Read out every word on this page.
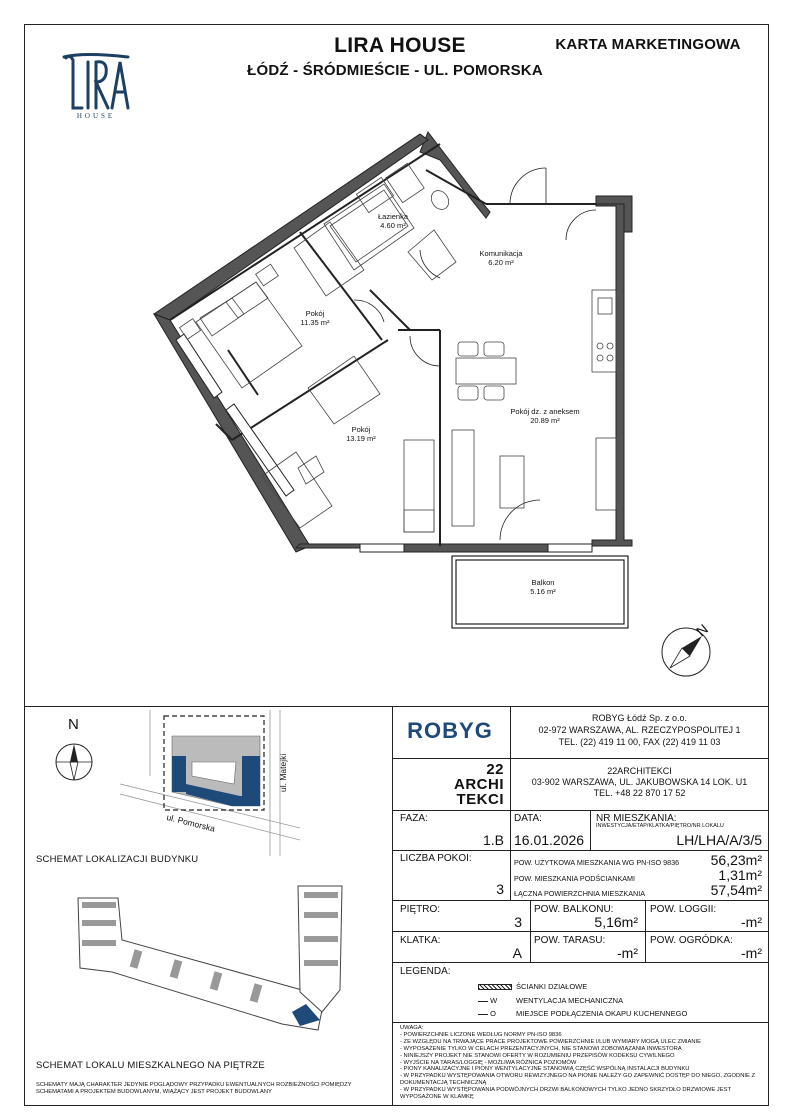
LIRA HOUSE
ŁÓDŹ - ŚRÓDMIEŚCIE - UL. POMORSKA
KARTA MARKETINGOWA
HOUSE
Łazienka
4.60 m²
Komunikacja
6.20 m²
Pokój
11.35 m²
Pokój
13.19 m²
Pokój dz. z aneksem
20.89 m²
Balkon
5.16 m²
N
ROBYG	ROBYG Łódź Sp. z o.o.
02-972 WARSZAWA, AL. RZECZYPOSPOLITEJ 1
TEL. (22) 419 11 00, FAX (22) 419 11 03
22
ARCHI
TEKCI
22ARCHITEKCI
03-902 WARSZAWA, UL. JAKUBOWSKA 14 LOK. U1
TEL. +48 22 870 17 52
FAZA:
1.B
DATA:
16.01.2026
NR MIESZKANIA:
INWESTYCJA/ETAP/KLATKA/PIĘTRO/NR LOKALU
LH/LHA/A/3/5
LICZBA POKOI:
3
POW. UŻYTKOWA MIESZKANIA WG PN-ISO 9836	56,23m²
POW. MIESZKANIA PODŚCIANKAMI	1,31m²
ŁĄCZNA POWIERZCHNIA MIESZKANIA	57,54m²
PIĘTRO:
3
POW. BALKONU:
5,16m²
POW. LOGGII:
-m²
KLATKA:
A
POW. TARASU:
-m²
POW. OGRÓDKA:
-m²
LEGENDA:
ŚCIANKI DZIAŁOWE
W	WENTYLACJA MECHANICZNA
O	MIEJSCE PODŁĄCZENIA OKAPU KUCHENNEGO
UWAGA:
- POWIERZCHNIE LICZONE WEDŁUG NORMY PN-ISO 9836
- ZE WZGLĘDU NA TRWAJĄCE PRACE PROJEKTOWE POWIERZCHNIE I/LUB WYMIARY MOGĄ ULEC ZMIANIE
- WYPOSAŻENIE TYLKO W CELACH PREZENTACYJNYCH, NIE STANOWI ZOBOWIĄZANIA INWESTORA
- NINIEJSZY PROJEKT NIE STANOWI OFERTY W ROZUMIENIU PRZEPISÓW KODEKSU CYWILNEGO
- WYJŚCIE NA TARAS/LOGGIĘ - MOŻLIWA RÓŻNICA POZIOMÓW
- PIONY KANALIZACYJNE I PIONY WENTYLACYJNE STANOWIĄ CZĘŚĆ WSPÓLNĄ INSTALACJI BUDYNKU
- W PRZYPADKU WYSTĘPOWANIA OTWORU REWIZYJNEGO NA PIONIE NALEŻY GO ZAPEWNIĆ DOSTĘP DO NIEGO, ZGODNIE Z DOKUMENTACJĄ TECHNICZNĄ
- W PRZYPADKU WYSTĘPOWANIA PODWÓJNYCH DRZWI BALKONOWYCH TYLKO JEDNO SKRZYDŁO DRZWIOWE JEST WYPOSAŻONE W KLAMKĘ
N
ul. Pomorska
ul. Matejki
SCHEMAT LOKALIZACJI BUDYNKU
SCHEMAT LOKALU MIESZKALNEGO NA PIĘTRZE
SCHEMATY MAJĄ CHARAKTER JEDYNIE POGLĄDOWY PRZYPADKU EWENTUALNYCH ROZBIEŻNOŚCI POMIĘDZY SCHEMATAMI A PROJEKTEM BUDOWLANYM, WIĄŻĄCY JEST PROJEKT BUDOWLANY
